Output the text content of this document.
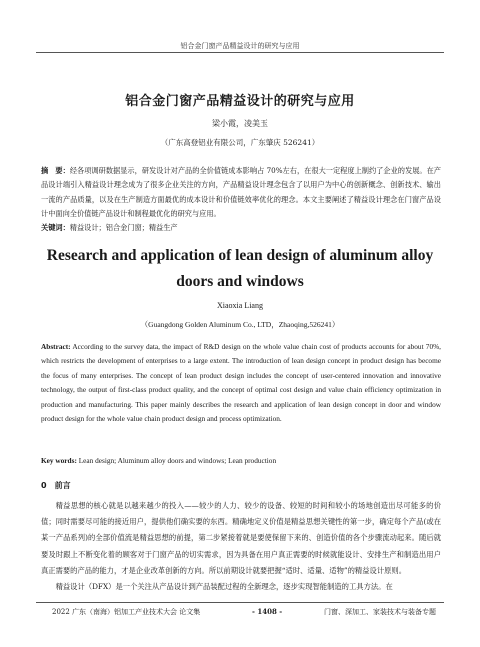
铝合金门窗产品精益设计的研究与应用
铝合金门窗产品精益设计的研究与应用
梁小霞，凌美玉
（广东高登铝业有限公司，广东肇庆 526241）
摘　要：经各项调研数据显示，研发设计对产品的全价值链成本影响占 70%左右，在很大一定程度上制约了企业的发展。在产品设计端引入精益设计理念成为了很多企业关注的方向，产品精益设计理念包含了以用户为中心的创新概念、创新技术、输出一流的产品质量，以及在生产制造方面最优的成本设计和价值链效率优化的理念。本文主要阐述了精益设计理念在门窗产品设计中面向全价值链产品设计和制程最优化的研究与应用。
关键词：精益设计；铝合金门窗；精益生产
Research and application of lean design of aluminum alloy doors and windows
Xiaoxia Liang
（Guangdong Golden Aluminum Co., LTD，Zhaoqing,526241）
Abstract: According to the survey data, the impact of R&D design on the whole value chain cost of products accounts for about 70%, which restricts the development of enterprises to a large extent. The introduction of lean design concept in product design has become the focus of many enterprises. The concept of lean product design includes the concept of user-centered innovation and innovative technology, the output of first-class product quality, and the concept of optimal cost design and value chain efficiency optimization in production and manufacturing. This paper mainly describes the research and application of lean design concept in door and window product design for the whole value chain product design and process optimization.
Key words: Lean design; Aluminum alloy doors and windows; Lean production
0　前言

精益思想的核心就是以越来越少的投入——较少的人力、较少的设备、较短的时间和较小的场地创造出尽可能多的价值；同时需要尽可能的接近用户，提供他们确实要的东西。精确地定义价值是精益思想关键性的第一步，确定每个产品(或在某一产品系列)的全部价值流是精益思想的前提，第二步紧接着就是要使保留下来的、创造价值的各个步骤流动起来。随后就要及时跟上不断变化着的顾客对于门窗产品的切实需求，因为具备在用户真正需要的时候就能设计、安排生产和制造出用户真正需要的产品的能力，才是企业改革创新的方向。所以前期设计就要把握“适时、适量、适物”的精益设计原则。

精益设计（DFX）是一个关注从产品设计到产品装配过程的全新理念，逐步实现智能制造的工具方法。在

2022 广东（南海）铝加工产业技术大会 论文集	- 1408 -	门窗、深加工、家装技术与装备专题
